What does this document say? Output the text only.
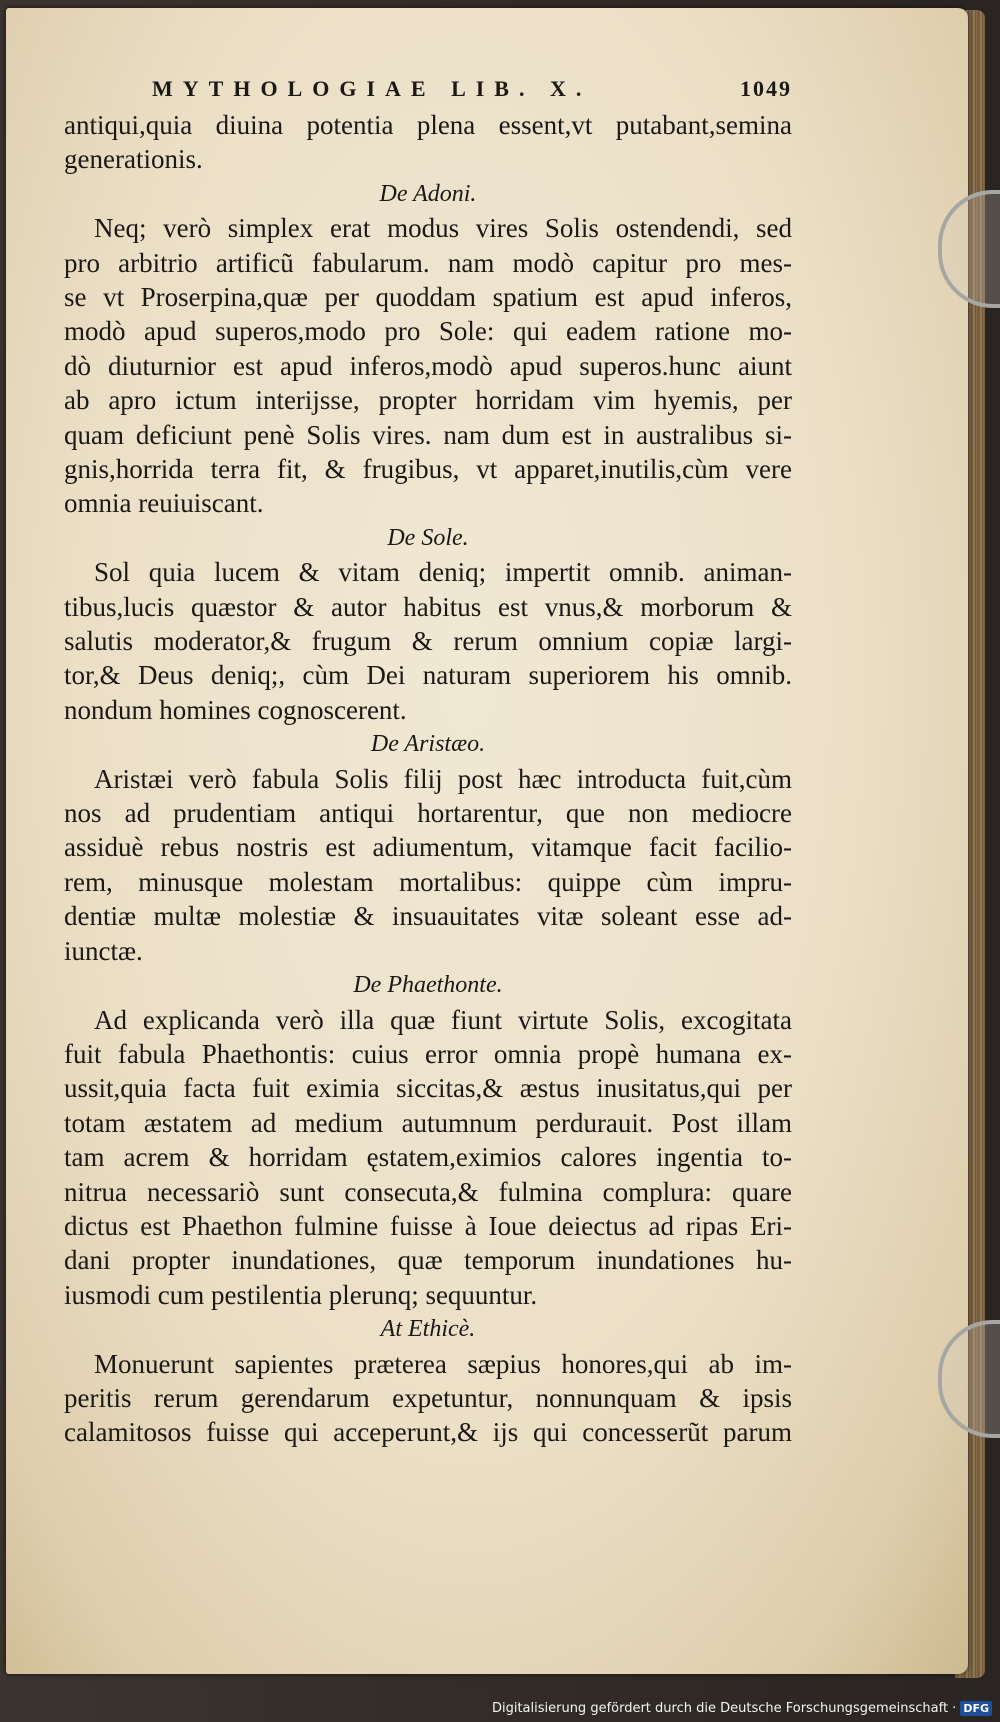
MYTHOLOGIAE LIB. X.	1049
antiqui,quia diuina potentia plena essent,vt putabant,semina
generationis.
De Adoni.
Neq; verò simplex erat modus vires Solis ostendendi, sed
pro arbitrio artificũ fabularum. nam modò capitur pro mes-
se vt Proserpina,quæ per quoddam spatium est apud inferos,
modò apud superos,modo pro Sole: qui eadem ratione mo-
dò diuturnior est apud inferos,modò apud superos.hunc aiunt
ab apro ictum interijsse, propter horridam vim hyemis, per
quam deficiunt penè Solis vires. nam dum est in australibus si-
gnis,horrida terra fit, & frugibus, vt apparet,inutilis,cùm vere
omnia reuiuiscant.
De Sole.
Sol quia lucem & vitam deniq; impertit omnib. animan-
tibus,lucis quæstor & autor habitus est vnus,& morborum &
salutis moderator,& frugum & rerum omnium copiæ largi-
tor,& Deus deniq;, cùm Dei naturam superiorem his omnib.
nondum homines cognoscerent.
De Aristæo.
Aristæi verò fabula Solis filij post hæc introducta fuit,cùm
nos ad prudentiam antiqui hortarentur, que non mediocre
assiduè rebus nostris est adiumentum, vitamque facit facilio-
rem, minusque molestam mortalibus: quippe cùm impru-
dentiæ multæ molestiæ & insuauitates vitæ soleant esse ad-
iunctæ.
De Phaethonte.
Ad explicanda verò illa quæ fiunt virtute Solis, excogitata
fuit fabula Phaethontis: cuius error omnia propè humana ex-
ussit,quia facta fuit eximia siccitas,& æstus inusitatus,qui per
totam æstatem ad medium autumnum perdurauit. Post illam
tam acrem & horridam ęstatem,eximios calores ingentia to-
nitrua necessariò sunt consecuta,& fulmina complura: quare
dictus est Phaethon fulmine fuisse à Ioue deiectus ad ripas Eri-
dani propter inundationes, quæ temporum inundationes hu-
iusmodi cum pestilentia plerunq; sequuntur.
At Ethicè.
Monuerunt sapientes præterea sæpius honores,qui ab im-
peritis rerum gerendarum expetuntur, nonnunquam & ipsis
calamitosos fuisse qui acceperunt,& ijs qui concesserũt parum
Digitalisierung gefördert durch die Deutsche Forschungsgemeinschaft · DFG
